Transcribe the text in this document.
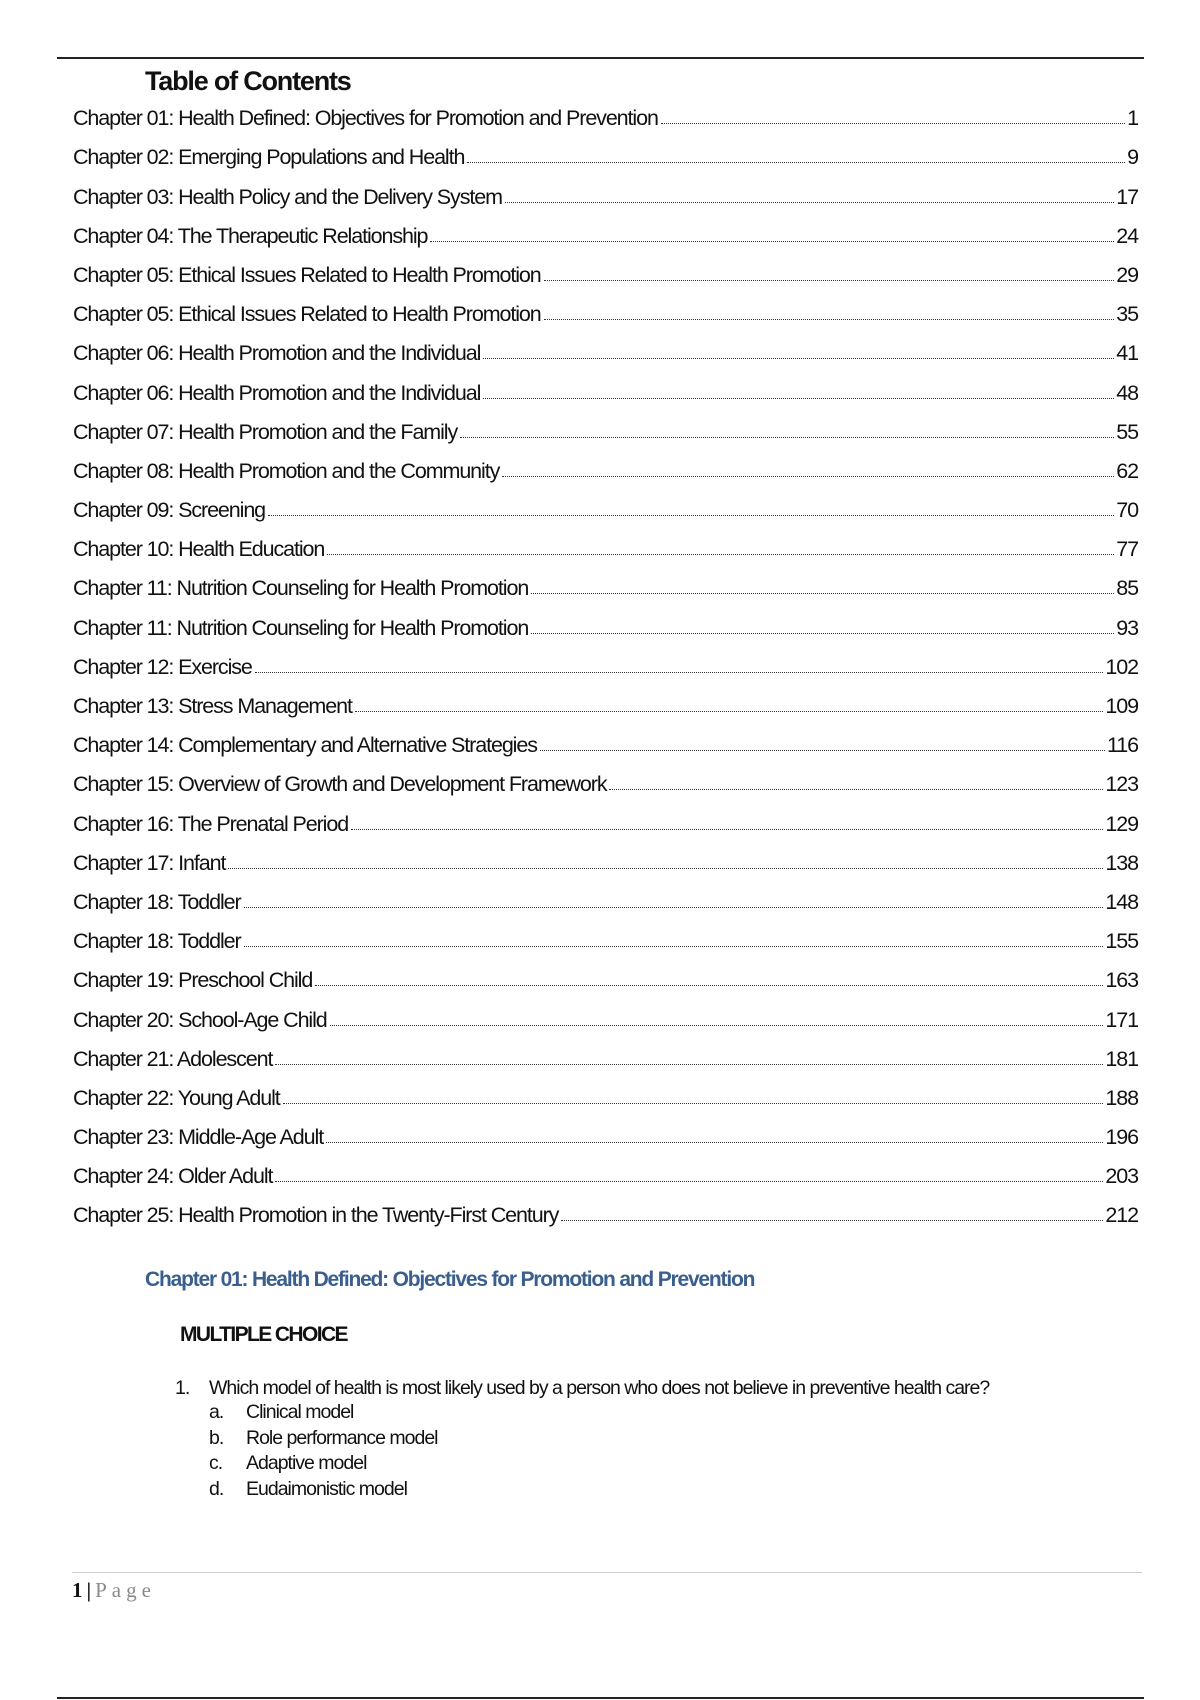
Table of Contents
Chapter 01: Health Defined: Objectives for Promotion and Prevention	1
Chapter 02: Emerging Populations and Health	9
Chapter 03: Health Policy and the Delivery System	17
Chapter 04: The Therapeutic Relationship	24
Chapter 05: Ethical Issues Related to Health Promotion	29
Chapter 05: Ethical Issues Related to Health Promotion	35
Chapter 06: Health Promotion and the Individual	41
Chapter 06: Health Promotion and the Individual	48
Chapter 07: Health Promotion and the Family	55
Chapter 08: Health Promotion and the Community	62
Chapter 09: Screening	70
Chapter 10: Health Education	77
Chapter 11: Nutrition Counseling for Health Promotion	85
Chapter 11: Nutrition Counseling for Health Promotion	93
Chapter 12: Exercise	102
Chapter 13: Stress Management	109
Chapter 14: Complementary and Alternative Strategies	116
Chapter 15: Overview of Growth and Development Framework	123
Chapter 16: The Prenatal Period	129
Chapter 17: Infant	138
Chapter 18: Toddler	148
Chapter 18: Toddler	155
Chapter 19: Preschool Child	163
Chapter 20: School-Age Child	171
Chapter 21: Adolescent	181
Chapter 22: Young Adult	188
Chapter 23: Middle-Age Adult	196
Chapter 24: Older Adult	203
Chapter 25: Health Promotion in the Twenty-First Century	212
Chapter 01: Health Defined: Objectives for Promotion and Prevention
MULTIPLE CHOICE
1.	Which model of health is most likely used by a person who does not believe in preventive health care?
a.	Clinical model
b.	Role performance model
c.	Adaptive model
d.	Eudaimonistic model
1 | Page
